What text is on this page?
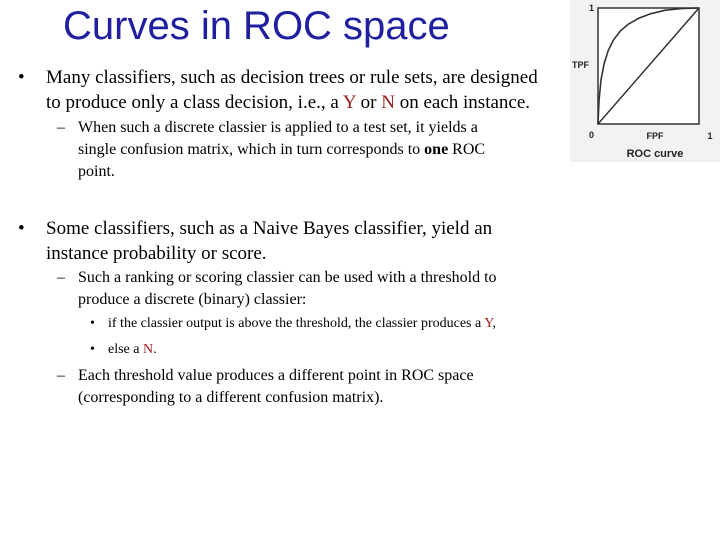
Curves in ROC space
• Many classifiers, such as decision trees or rule sets, are designed
to produce only a class decision, i.e., a Y or N on each instance.
– When such a discrete classier is applied to a test set, it yields a
single confusion matrix, which in turn corresponds to one ROC
point.
• Some classifiers, such as a Naive Bayes classifier, yield an
instance probability or score.
– Such a ranking or scoring classier can be used with a threshold to
produce a discrete (binary) classier:
• if the classier output is above the threshold, the classier produces a Y,
• else a N.
– Each threshold value produces a different point in ROC space
(corresponding to a different confusion matrix).
1
TPF
0	FPF	1
ROC curve
